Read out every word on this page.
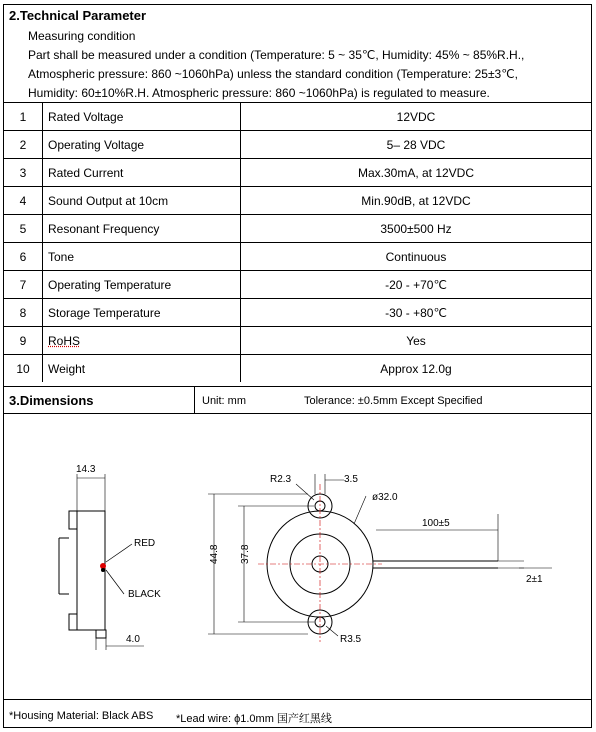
2.Technical Parameter
Measuring condition
Part shall be measured under a condition (Temperature: 5 ~ 35℃, Humidity: 45% ~ 85%R.H.,
Atmospheric pressure: 860 ~1060hPa) unless the standard condition (Temperature: 25±3℃,
Humidity: 60±10%R.H. Atmospheric pressure: 860 ~1060hPa) is regulated to measure.
1	Rated Voltage	12VDC
2	Operating Voltage	5– 28 VDC
3	Rated Current	Max.30mA, at 12VDC
4	Sound Output at 10cm	Min.90dB, at 12VDC
5	Resonant Frequency	3500±500 Hz
6	Tone	Continuous
7	Operating Temperature	-20 - +70℃
8	Storage Temperature	-30 - +80℃
9	RoHS	Yes
10	Weight	Approx 12.0g
3.Dimensions	Unit: mm	Tolerance: ±0.5mm Except Specified
14.3
RED
BLACK
4.0
R2.3	3.5
ø32.0
44.8 37.8
100±5
2±1
R3.5
*Housing Material: Black ABS *Lead wire: ϕ1.0mm 国产红黑线
